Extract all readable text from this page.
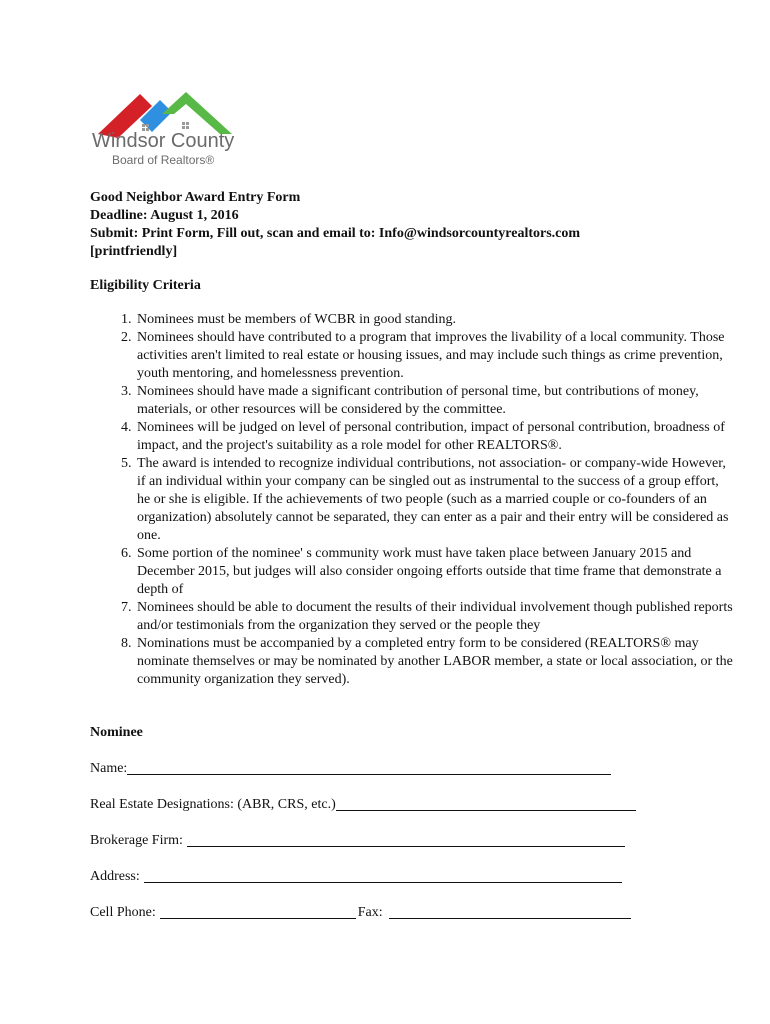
Windsor County
Board of Realtors®
Good Neighbor Award Entry Form
Deadline: August 1, 2016
Submit: Print Form, Fill out, scan and email to: Info@windsorcountyrealtors.com
[printfriendly]
Eligibility Criteria
1. Nominees must be members of WCBR in good standing.
2. Nominees should have contributed to a program that improves the livability of a local community. Those activities aren't limited to real estate or housing issues, and may include such things as crime prevention, youth mentoring, and homelessness prevention.
3. Nominees should have made a significant contribution of personal time, but contributions of money, materials, or other resources will be considered by the committee.
4. Nominees will be judged on level of personal contribution, impact of personal contribution, broadness of impact, and the project's suitability as a role model for other REALTORS®.
5. The award is intended to recognize individual contributions, not association- or company-wide However, if an individual within your company can be singled out as instrumental to the success of a group effort, he or she is eligible. If the achievements of two people (such as a married couple or co-founders of an organization) absolutely cannot be separated, they can enter as a pair and their entry will be considered as one.
6. Some portion of the nominee' s community work must have taken place between January 2015 and December 2015, but judges will also consider ongoing efforts outside that time frame that demonstrate a depth of
7. Nominees should be able to document the results of their individual involvement though published reports and/or testimonials from the organization they served or the people they
8. Nominations must be accompanied by a completed entry form to be considered (REALTORS® may nominate themselves or may be nominated by another LABOR member, a state or local association, or the community organization they served).
Nominee
Name:
Real Estate Designations: (ABR, CRS, etc.)
Brokerage Firm:
Address:
Cell Phone:	Fax:
